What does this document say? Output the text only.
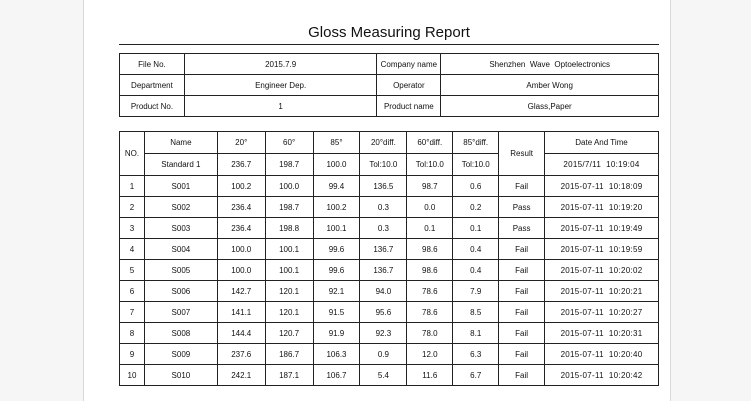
Gloss Measuring Report
File No.	2015.7.9	Company name	Shenzhen  Wave  Optoelectronics
Department	Engineer Dep.	Operator	Amber Wong
Product No.	1	Product name	Glass,Paper
NO.	Name	20°	60°	85°	20°diff.	60°diff.	85°diff.	Result	Date And Time
	Standard 1	236.7	198.7	100.0	Tol:10.0	Tol:10.0	Tol:10.0		2015/7/11  10:19:04
1	S001	100.2	100.0	99.4	136.5	98.7	0.6	Fail	2015-07-11  10:18:09
2	S002	236.4	198.7	100.2	0.3	0.0	0.2	Pass	2015-07-11  10:19:20
3	S003	236.4	198.8	100.1	0.3	0.1	0.1	Pass	2015-07-11  10:19:49
4	S004	100.0	100.1	99.6	136.7	98.6	0.4	Fail	2015-07-11  10:19:59
5	S005	100.0	100.1	99.6	136.7	98.6	0.4	Fail	2015-07-11  10:20:02
6	S006	142.7	120.1	92.1	94.0	78.6	7.9	Fail	2015-07-11  10:20:21
7	S007	141.1	120.1	91.5	95.6	78.6	8.5	Fail	2015-07-11  10:20:27
8	S008	144.4	120.7	91.9	92.3	78.0	8.1	Fail	2015-07-11  10:20:31
9	S009	237.6	186.7	106.3	0.9	12.0	6.3	Fail	2015-07-11  10:20:40
10	S010	242.1	187.1	106.7	5.4	11.6	6.7	Fail	2015-07-11  10:20:42
